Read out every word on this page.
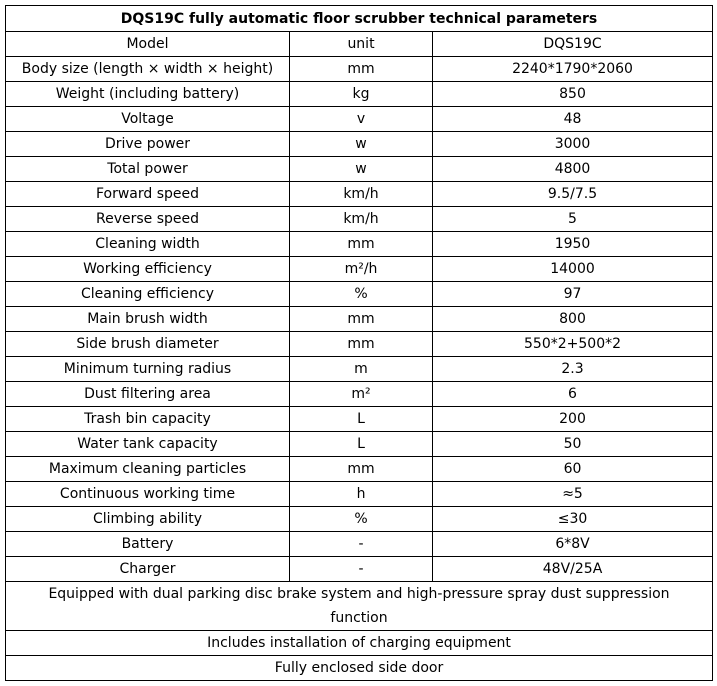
DQS19C fully automatic floor scrubber technical parameters		
Model	unit	DQS19C
Body size (length × width × height)	mm	2240*1790*2060
Weight (including battery)	kg	850
Voltage	v	48
Drive power	w	3000
Total power	w	4800
Forward speed	km/h	9.5/7.5
Reverse speed	km/h	5
Cleaning width	mm	1950
Working efficiency	m²/h	14000
Cleaning efficiency	%	97
Main brush width	mm	800
Side brush diameter	mm	550*2+500*2
Minimum turning radius	m	2.3
Dust filtering area	m²	6
Trash bin capacity	L	200
Water tank capacity	L	50
Maximum cleaning particles	mm	60
Continuous working time	h	≈5
Climbing ability	%	≤30
Battery	-	6*8V
Charger	-	48V/25A
Equipped with dual parking disc brake system and high-pressure spray dust suppression function		
Includes installation of charging equipment		
Fully enclosed side door		
